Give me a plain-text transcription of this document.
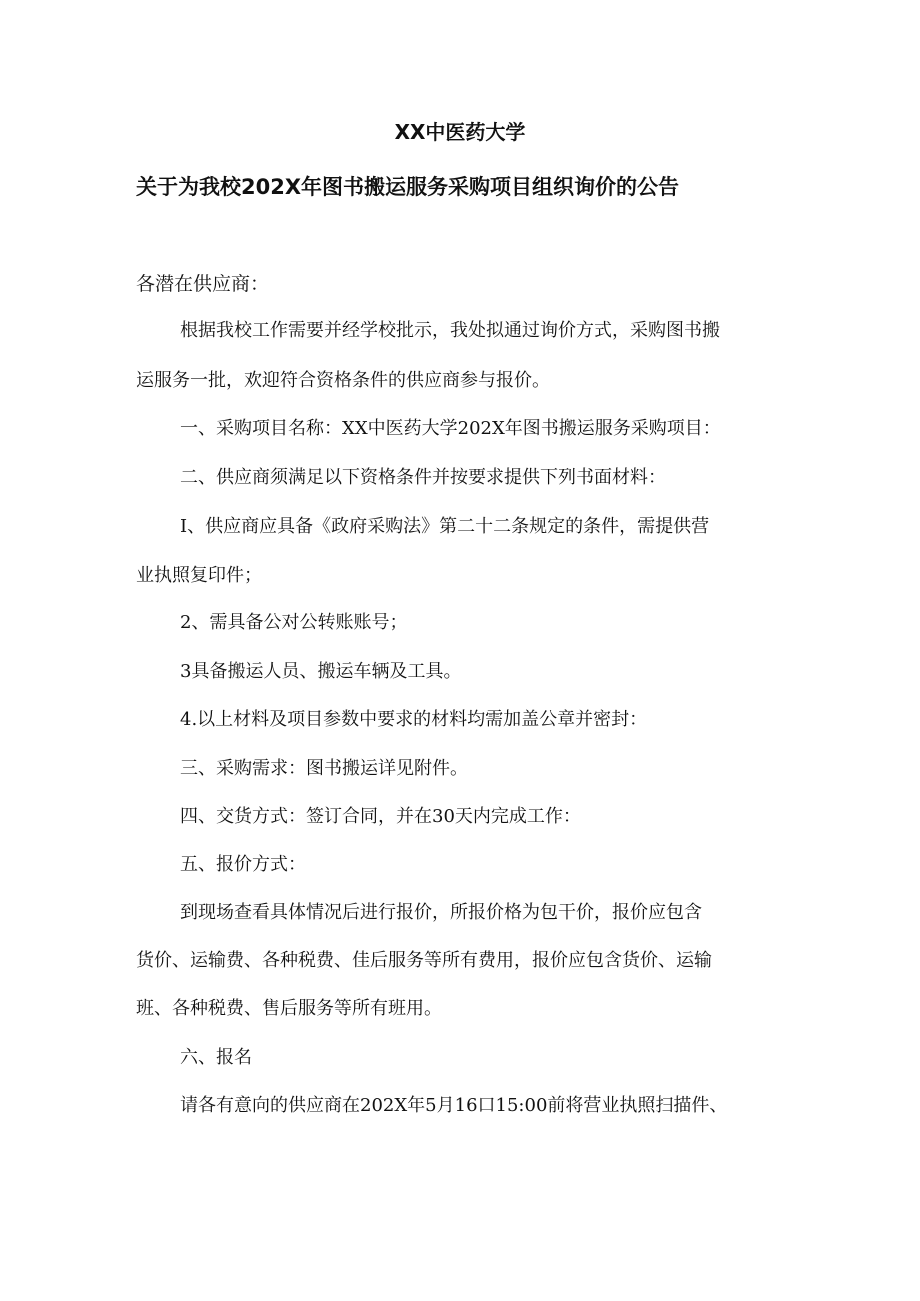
XX中医药大学
关于为我校202X年图书搬运服务采购项目组织询价的公告
各潜在供应商：
根据我校工作需要并经学校批示，我处拟通过询价方式，采购图书搬
运服务一批，欢迎符合资格条件的供应商参与报价。
一、采购项目名称：XX中医药大学202X年图书搬运服务采购项目：
二、供应商须满足以下资格条件并按要求提供下列书面材料：
I、供应商应具备《政府采购法》第二十二条规定的条件，需提供营
业执照复印件；
2、需具备公对公转账账号；
3具备搬运人员、搬运车辆及工具。
4.以上材料及项目参数中要求的材料均需加盖公章并密封：
三、采购需求：图书搬运详见附件。
四、交货方式：签订合同，并在30天内完成工作：
五、报价方式：
到现场查看具体情况后进行报价，所报价格为包干价，报价应包含
货价、运输费、各种税费、佳后服务等所有费用，报价应包含货价、运输
班、各种税费、售后服务等所有班用。
六、报名
请各有意向的供应商在202X年5月16口15:00前将营业执照扫描件、
